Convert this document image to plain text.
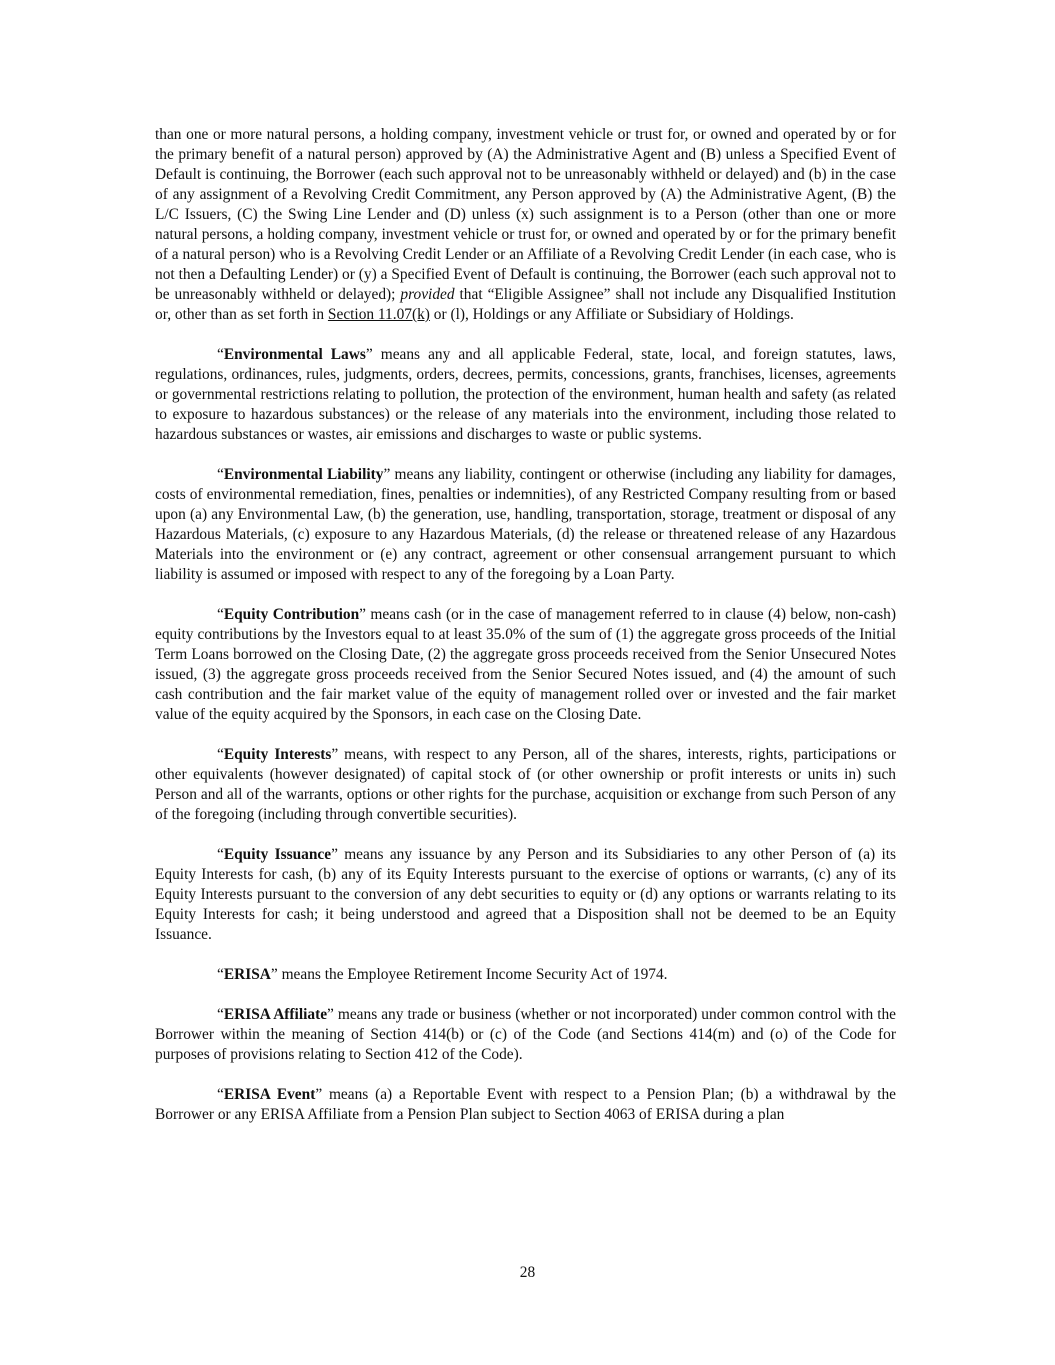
than one or more natural persons, a holding company, investment vehicle or trust for, or owned and operated by or for the primary benefit of a natural person) approved by (A) the Administrative Agent and (B) unless a Specified Event of Default is continuing, the Borrower (each such approval not to be unreasonably withheld or delayed) and (b) in the case of any assignment of a Revolving Credit Commitment, any Person approved by (A) the Administrative Agent, (B) the L/C Issuers, (C) the Swing Line Lender and (D) unless (x) such assignment is to a Person (other than one or more natural persons, a holding company, investment vehicle or trust for, or owned and operated by or for the primary benefit of a natural person) who is a Revolving Credit Lender or an Affiliate of a Revolving Credit Lender (in each case, who is not then a Defaulting Lender) or (y) a Specified Event of Default is continuing, the Borrower (each such approval not to be unreasonably withheld or delayed); provided that “Eligible Assignee” shall not include any Disqualified Institution or, other than as set forth in Section 11.07(k) or (l), Holdings or any Affiliate or Subsidiary of Holdings.

“Environmental Laws” means any and all applicable Federal, state, local, and foreign statutes, laws, regulations, ordinances, rules, judgments, orders, decrees, permits, concessions, grants, franchises, licenses, agreements or governmental restrictions relating to pollution, the protection of the environment, human health and safety (as related to exposure to hazardous substances) or the release of any materials into the environment, including those related to hazardous substances or wastes, air emissions and discharges to waste or public systems.

“Environmental Liability” means any liability, contingent or otherwise (including any liability for damages, costs of environmental remediation, fines, penalties or indemnities), of any Restricted Company resulting from or based upon (a) any Environmental Law, (b) the generation, use, handling, transportation, storage, treatment or disposal of any Hazardous Materials, (c) exposure to any Hazardous Materials, (d) the release or threatened release of any Hazardous Materials into the environment or (e) any contract, agreement or other consensual arrangement pursuant to which liability is assumed or imposed with respect to any of the foregoing by a Loan Party.

“Equity Contribution” means cash (or in the case of management referred to in clause (4) below, non-cash) equity contributions by the Investors equal to at least 35.0% of the sum of (1) the aggregate gross proceeds of the Initial Term Loans borrowed on the Closing Date, (2) the aggregate gross proceeds received from the Senior Unsecured Notes issued, (3) the aggregate gross proceeds received from the Senior Secured Notes issued, and (4) the amount of such cash contribution and the fair market value of the equity of management rolled over or invested and the fair market value of the equity acquired by the Sponsors, in each case on the Closing Date.

“Equity Interests” means, with respect to any Person, all of the shares, interests, rights, participations or other equivalents (however designated) of capital stock of (or other ownership or profit interests or units in) such Person and all of the warrants, options or other rights for the purchase, acquisition or exchange from such Person of any of the foregoing (including through convertible securities).

“Equity Issuance” means any issuance by any Person and its Subsidiaries to any other Person of (a) its Equity Interests for cash, (b) any of its Equity Interests pursuant to the exercise of options or warrants, (c) any of its Equity Interests pursuant to the conversion of any debt securities to equity or (d) any options or warrants relating to its Equity Interests for cash; it being understood and agreed that a Disposition shall not be deemed to be an Equity Issuance.

“ERISA” means the Employee Retirement Income Security Act of 1974.

“ERISA Affiliate” means any trade or business (whether or not incorporated) under common control with the Borrower within the meaning of Section 414(b) or (c) of the Code (and Sections 414(m) and (o) of the Code for purposes of provisions relating to Section 412 of the Code).

“ERISA Event” means (a) a Reportable Event with respect to a Pension Plan; (b) a withdrawal by the Borrower or any ERISA Affiliate from a Pension Plan subject to Section 4063 of ERISA during a plan

28
